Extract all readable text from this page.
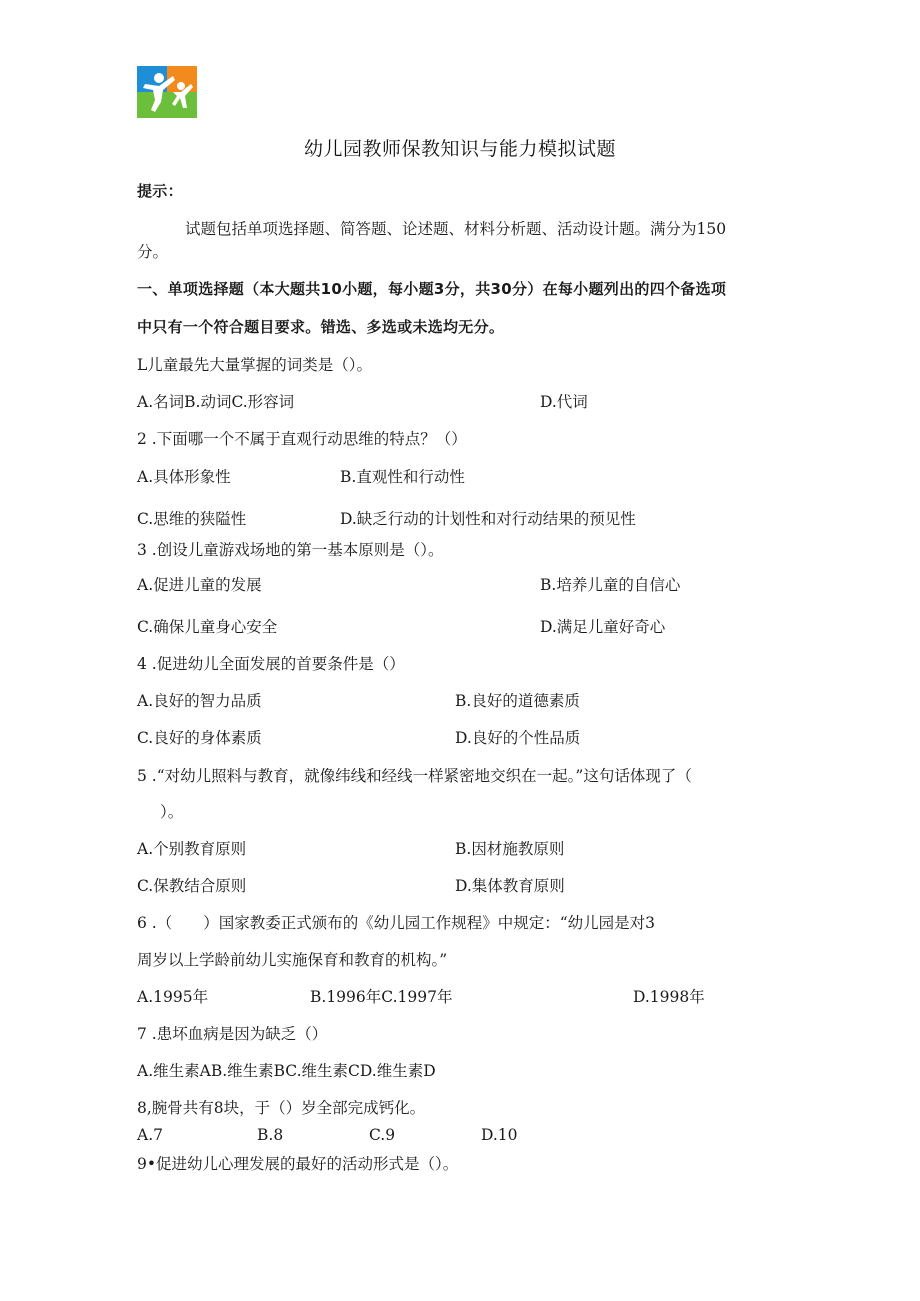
幼儿园教师保教知识与能力模拟试题
提示：
试题包括单项选择题、简答题、论述题、材料分析题、活动设计题。满分为150
分。
一、单项选择题（本大题共10小题，每小题3分，共30分）在每小题列出的四个备选项
中只有一个符合题目要求。错选、多选或未选均无分。
L儿童最先大量掌握的词类是（）。
A.名词B.动词C.形容词	D.代词
2 .下面哪一个不属于直观行动思维的特点？（）
A.具体形象性	B.直观性和行动性
C.思维的狭隘性	D.缺乏行动的计划性和对行动结果的预见性
3 .创设儿童游戏场地的第一基本原则是（）。
A.促进儿童的发展	B.培养儿童的自信心
C.确保儿童身心安全	D.满足儿童好奇心
4 .促进幼儿全面发展的首要条件是（）
A.良好的智力品质	B.良好的道德素质
C.良好的身体素质	D.良好的个性品质
5 .“对幼儿照料与教育，就像纬线和经线一样紧密地交织在一起。”这句话体现了（
）。
A.个别教育原则	B.因材施教原则
C.保教结合原则	D.集体教育原则
6 .（　　）国家教委正式颁布的《幼儿园工作规程》中规定：“幼儿园是对3
周岁以上学龄前幼儿实施保育和教育的机构。”
A.1995年	B.1996年C.1997年	D.1998年
7 .患坏血病是因为缺乏（）
A.维生素AB.维生素BC.维生素CD.维生素D
8,腕骨共有8块，于（）岁全部完成钙化。
A.7	B.8	C.9	D.10
9•促进幼儿心理发展的最好的活动形式是（）。
